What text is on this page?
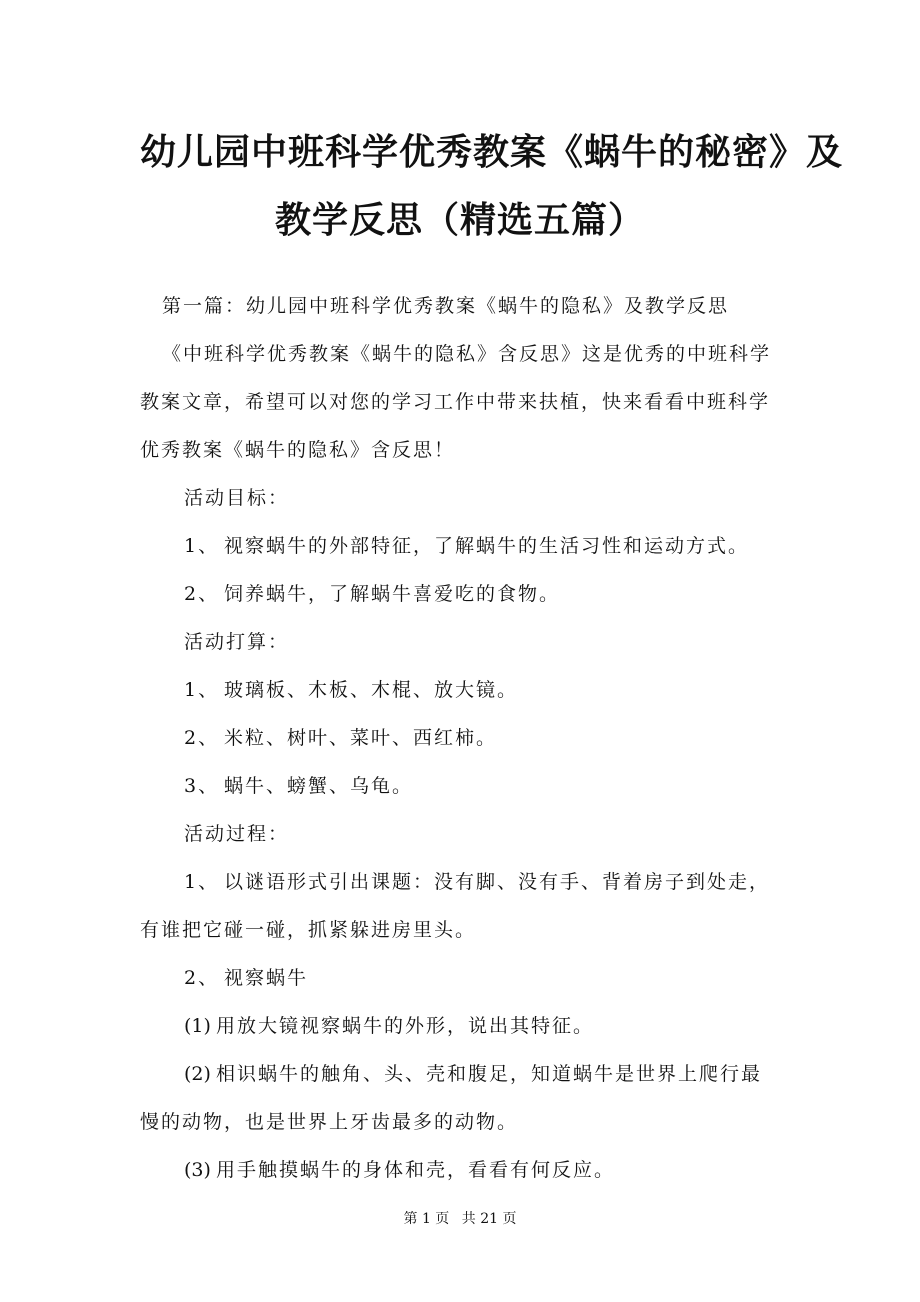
幼儿园中班科学优秀教案《蜗牛的秘密》及
教学反思（精选五篇）

第一篇：幼儿园中班科学优秀教案《蜗牛的隐私》及教学反思

《中班科学优秀教案《蜗牛的隐私》含反思》这是优秀的中班科学

教案文章，希望可以对您的学习工作中带来扶植，快来看看中班科学

优秀教案《蜗牛的隐私》含反思！

活动目标：

1、 视察蜗牛的外部特征，了解蜗牛的生活习性和运动方式。

2、 饲养蜗牛，了解蜗牛喜爱吃的食物。

活动打算：

1、 玻璃板、木板、木棍、放大镜。

2、 米粒、树叶、菜叶、西红柿。

3、 蜗牛、螃蟹、乌龟。

活动过程：

1、 以谜语形式引出课题：没有脚、没有手、背着房子到处走，

有谁把它碰一碰，抓紧躲进房里头。

2、 视察蜗牛

(1) 用放大镜视察蜗牛的外形，说出其特征。

(2) 相识蜗牛的触角、头、壳和腹足，知道蜗牛是世界上爬行最

慢的动物，也是世界上牙齿最多的动物。

(3) 用手触摸蜗牛的身体和壳，看看有何反应。

第 1 页 共 21 页
